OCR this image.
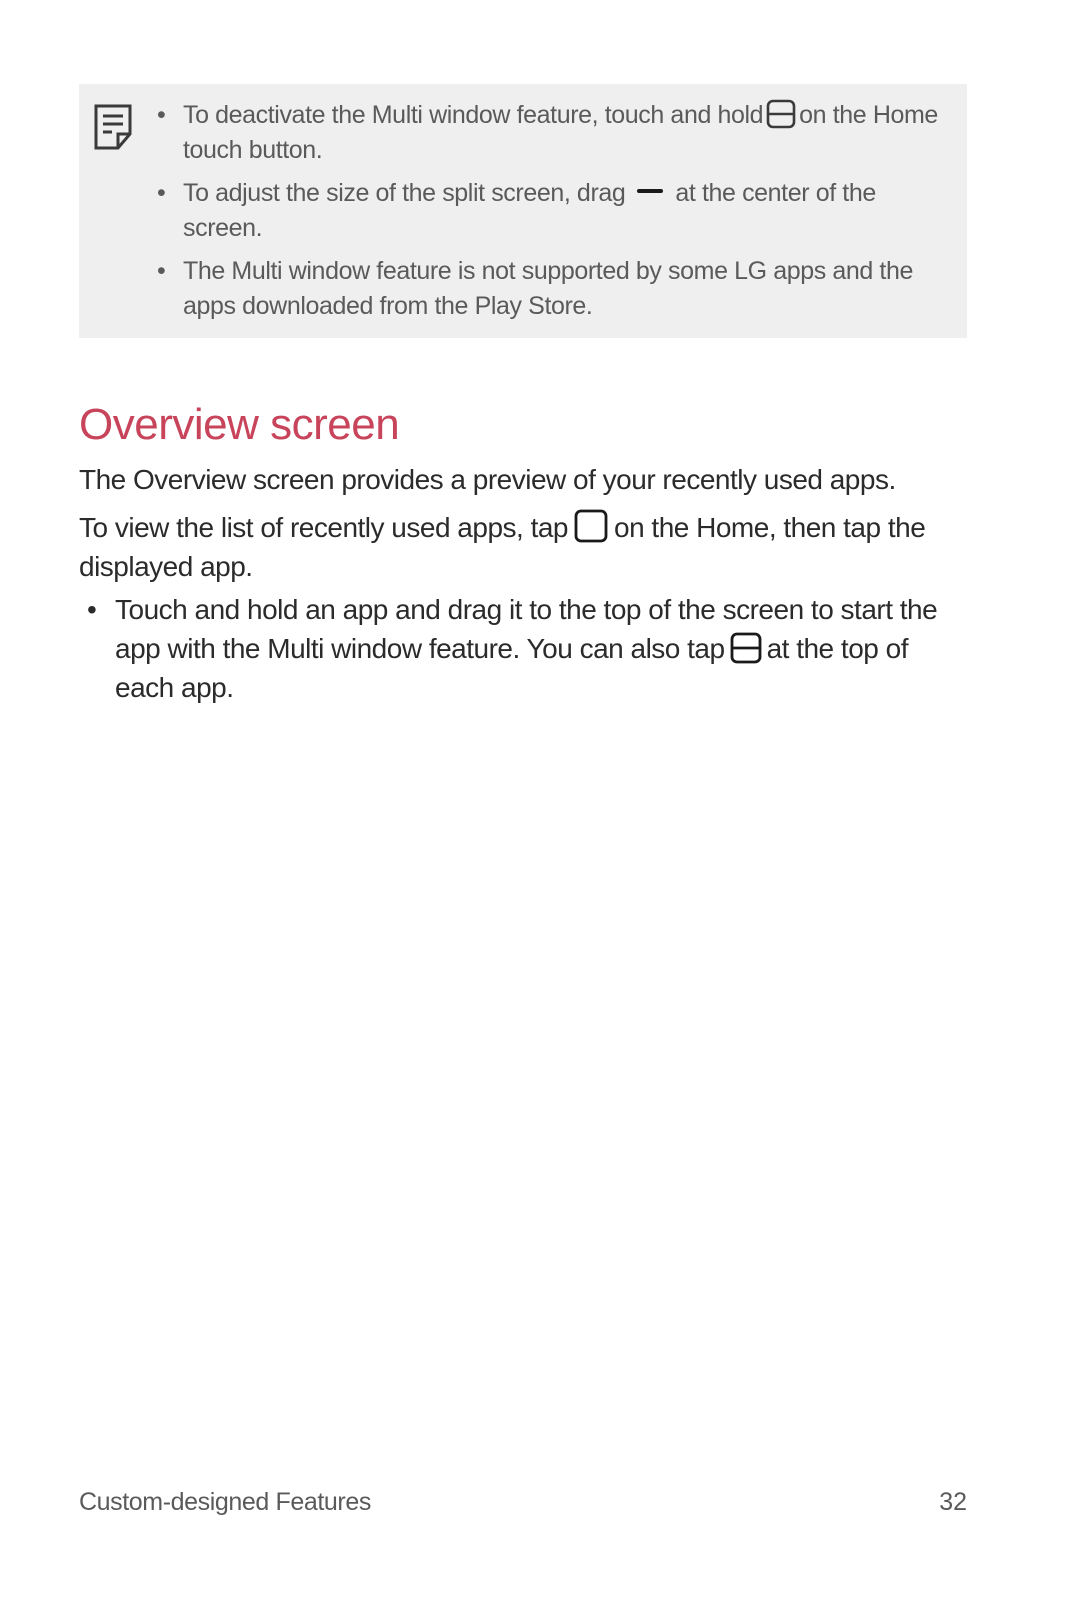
• To deactivate the Multi window feature, touch and hold on the Home touch button.
• To adjust the size of the split screen, drag at the center of the screen.
• The Multi window feature is not supported by some LG apps and the apps downloaded from the Play Store.
Overview screen

The Overview screen provides a preview of your recently used apps.

To view the list of recently used apps, tap on the Home, then tap the displayed app.

• Touch and hold an app and drag it to the top of the screen to start the app with the Multi window feature. You can also tap at the top of each app.
Custom-designed Features	32
